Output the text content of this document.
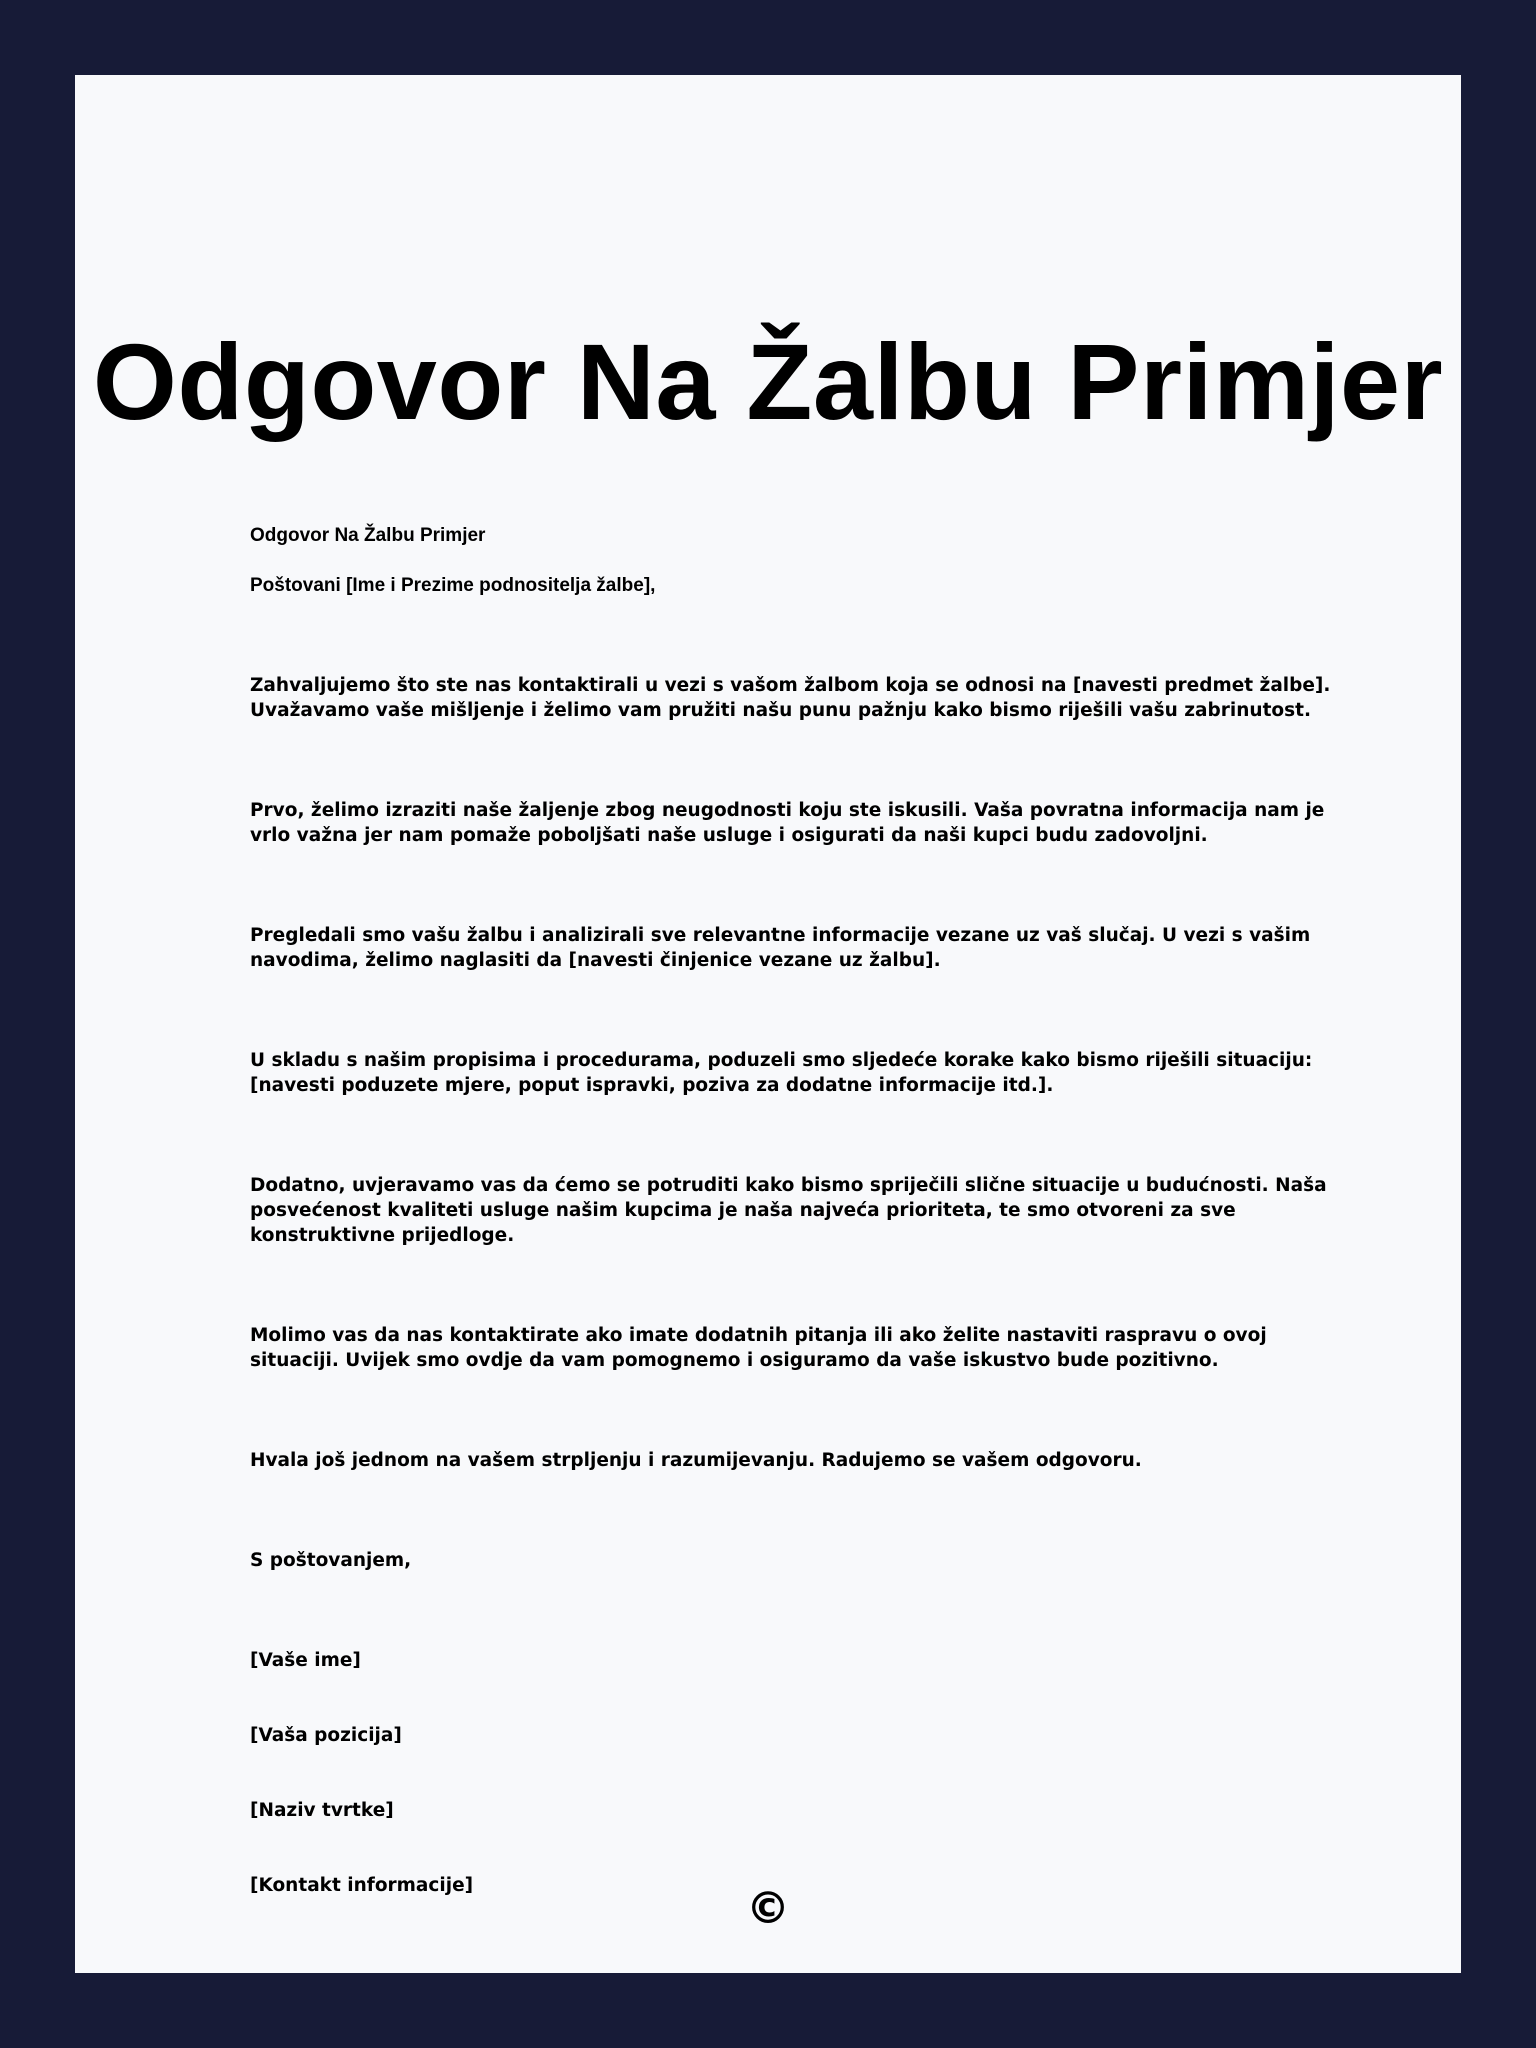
Odgovor Na Žalbu Primjer

Odgovor Na Žalbu Primjer

Poštovani [Ime i Prezime podnositelja žalbe],

Zahvaljujemo što ste nas kontaktirali u vezi s vašom žalbom koja se odnosi na [navesti predmet žalbe]. Uvažavamo vaše mišljenje i želimo vam pružiti našu punu pažnju kako bismo riješili vašu zabrinutost.

Prvo, želimo izraziti naše žaljenje zbog neugodnosti koju ste iskusili. Vaša povratna informacija nam je vrlo važna jer nam pomaže poboljšati naše usluge i osigurati da naši kupci budu zadovoljni.

Pregledali smo vašu žalbu i analizirali sve relevantne informacije vezane uz vaš slučaj. U vezi s vašim navodima, želimo naglasiti da [navesti činjenice vezane uz žalbu].

U skladu s našim propisima i procedurama, poduzeli smo sljedeće korake kako bismo riješili situaciju: [navesti poduzete mjere, poput ispravki, poziva za dodatne informacije itd.].

Dodatno, uvjeravamo vas da ćemo se potruditi kako bismo spriječili slične situacije u budućnosti. Naša posvećenost kvaliteti usluge našim kupcima je naša najveća prioriteta, te smo otvoreni za sve konstruktivne prijedloge.

Molimo vas da nas kontaktirate ako imate dodatnih pitanja ili ako želite nastaviti raspravu o ovoj situaciji. Uvijek smo ovdje da vam pomognemo i osiguramo da vaše iskustvo bude pozitivno.

Hvala još jednom na vašem strpljenju i razumijevanju. Radujemo se vašem odgovoru.

S poštovanjem,

[Vaše ime]

[Vaša pozicija]

[Naziv tvrtke]

[Kontakt informacije]	©
